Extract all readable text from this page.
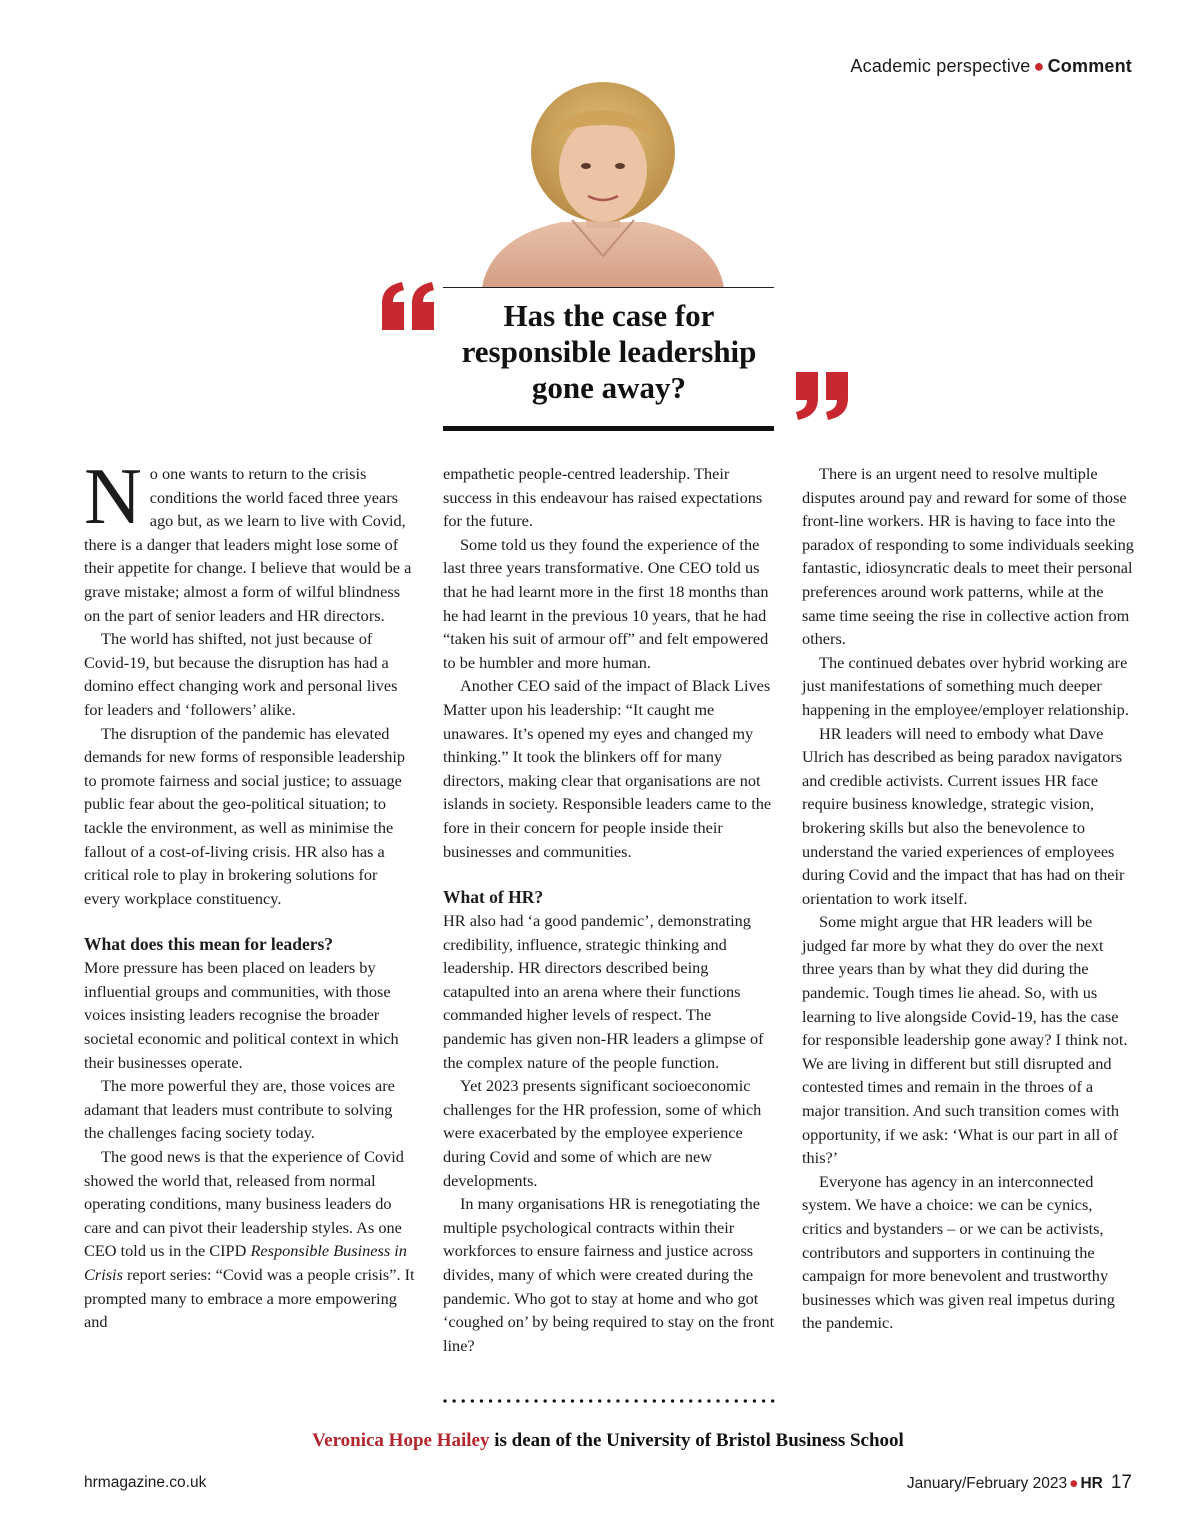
Academic perspective ● Comment
Has the case for responsible leadership gone away?

No one wants to return to the crisis conditions the world faced three years ago but, as we learn to live with Covid, there is a danger that leaders might lose some of their appetite for change. I believe that would be a grave mistake; almost a form of wilful blindness on the part of senior leaders and HR directors.

The world has shifted, not just because of Covid-19, but because the disruption has had a domino effect changing work and personal lives for leaders and ‘followers’ alike.

The disruption of the pandemic has elevated demands for new forms of responsible leadership to promote fairness and social justice; to assuage public fear about the geo-political situation; to tackle the environment, as well as minimise the fallout of a cost-of-living crisis. HR also has a critical role to play in brokering solutions for every workplace constituency.

What does this mean for leaders?

More pressure has been placed on leaders by influential groups and communities, with those voices insisting leaders recognise the broader societal economic and political context in which their businesses operate.

The more powerful they are, those voices are adamant that leaders must contribute to solving the challenges facing society today.

The good news is that the experience of Covid showed the world that, released from normal operating conditions, many business leaders do care and can pivot their leadership styles. As one CEO told us in the CIPD Responsible Business in Crisis report series: “Covid was a people crisis”. It prompted many to embrace a more empowering and

empathetic people-centred leadership. Their success in this endeavour has raised expectations for the future.

Some told us they found the experience of the last three years transformative. One CEO told us that he had learnt more in the first 18 months than he had learnt in the previous 10 years, that he had “taken his suit of armour off” and felt empowered to be humbler and more human.

Another CEO said of the impact of Black Lives Matter upon his leadership: “It caught me unawares. It’s opened my eyes and changed my thinking.” It took the blinkers off for many directors, making clear that organisations are not islands in society. Responsible leaders came to the fore in their concern for people inside their businesses and communities.

What of HR?

HR also had ‘a good pandemic’, demonstrating credibility, influence, strategic thinking and leadership. HR directors described being catapulted into an arena where their functions commanded higher levels of respect. The pandemic has given non-HR leaders a glimpse of the complex nature of the people function.

Yet 2023 presents significant socioeconomic challenges for the HR profession, some of which were exacerbated by the employee experience during Covid and some of which are new developments.

In many organisations HR is renegotiating the multiple psychological contracts within their workforces to ensure fairness and justice across divides, many of which were created during the pandemic. Who got to stay at home and who got ‘coughed on’ by being required to stay on the front line?

There is an urgent need to resolve multiple disputes around pay and reward for some of those front-line workers. HR is having to face into the paradox of responding to some individuals seeking fantastic, idiosyncratic deals to meet their personal preferences around work patterns, while at the same time seeing the rise in collective action from others.

The continued debates over hybrid working are just manifestations of something much deeper happening in the employee/employer relationship.

HR leaders will need to embody what Dave Ulrich has described as being paradox navigators and credible activists. Current issues HR face require business knowledge, strategic vision, brokering skills but also the benevolence to understand the varied experiences of employees during Covid and the impact that has had on their orientation to work itself.

Some might argue that HR leaders will be judged far more by what they do over the next three years than by what they did during the pandemic. Tough times lie ahead. So, with us learning to live alongside Covid-19, has the case for responsible leadership gone away? I think not. We are living in different but still disrupted and contested times and remain in the throes of a major transition. And such transition comes with opportunity, if we ask: ‘What is our part in all of this?’

Everyone has agency in an interconnected system. We have a choice: we can be cynics, critics and bystanders – or we can be activists, contributors and supporters in continuing the campaign for more benevolent and trustworthy businesses which was given real impetus during the pandemic.

Veronica Hope Hailey is dean of the University of Bristol Business School
hrmagazine.co.uk	January/February 2023 ● HR 17
